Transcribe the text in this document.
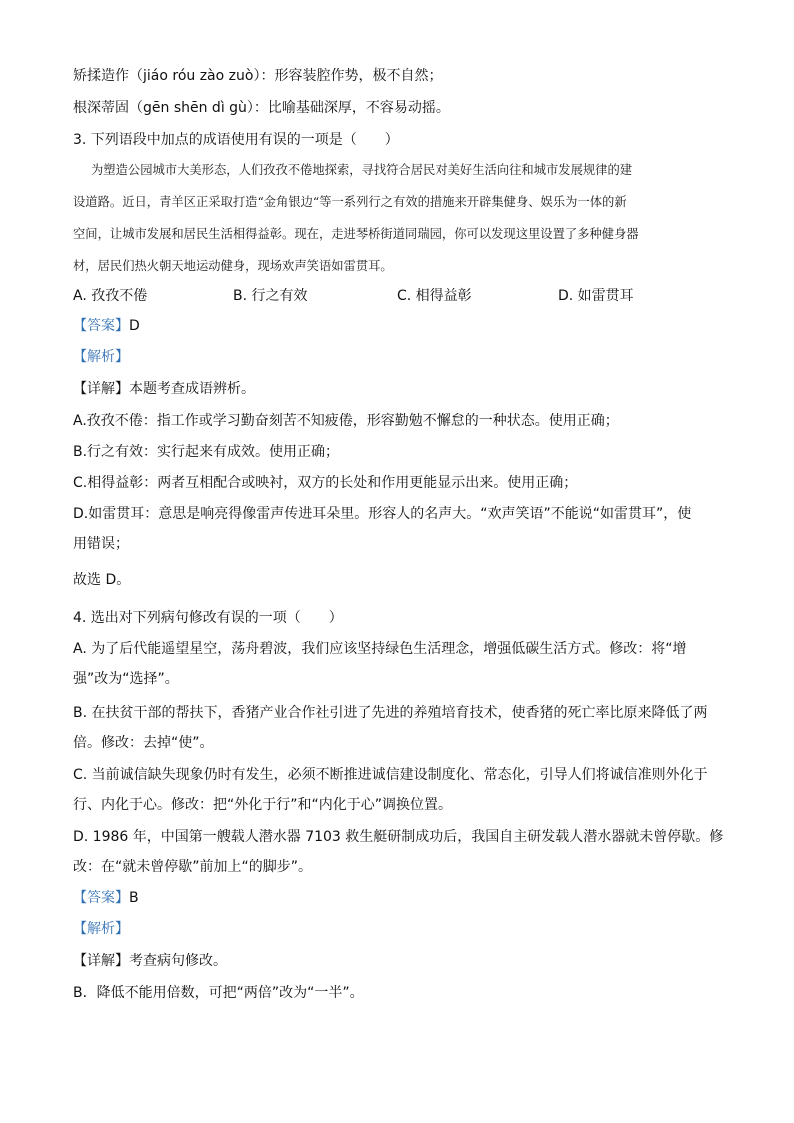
矫揉造作（jiáo róu zào zuò）：形容装腔作势，极不自然；
根深蒂固（gēn shēn dì gù）：比喻基础深厚，不容易动摇。
3. 下列语段中加点的成语使用有误的一项是（　　）
为塑造公园城市大美形态，人们孜孜不倦地探索，寻找符合居民对美好生活向往和城市发展规律的建
设道路。近日，青羊区正采取打造“金角银边“等一系列行之有效的措施来开辟集健身、娱乐为一体的新
空间，让城市发展和居民生活相得益彰。现在，走进琴桥街道同瑞园，你可以发现这里设置了多种健身器
材，居民们热火朝天地运动健身，现场欢声笑语如雷贯耳。
A. 孜孜不倦	B. 行之有效	C. 相得益彰	D. 如雷贯耳
【答案】D
【解析】
【详解】本题考查成语辨析。
A.孜孜不倦：指工作或学习勤奋刻苦不知疲倦，形容勤勉不懈怠的一种状态。使用正确；
B.行之有效：实行起来有成效。使用正确；
C.相得益彰：两者互相配合或映衬，双方的长处和作用更能显示出来。使用正确；
D.如雷贯耳：意思是响亮得像雷声传进耳朵里。形容人的名声大。“欢声笑语”不能说“如雷贯耳”，使
用错误；
故选 D。
4. 选出对下列病句修改有误的一项（　　）
A. 为了后代能遥望星空，荡舟碧波，我们应该坚持绿色生活理念，增强低碳生活方式。修改：将“增
强”改为“选择”。
B. 在扶贫干部的帮扶下，香猪产业合作社引进了先进的养殖培育技术，使香猪的死亡率比原来降低了两
倍。修改：去掉“使”。
C. 当前诚信缺失现象仍时有发生，必须不断推进诚信建设制度化、常态化，引导人们将诚信准则外化于
行、内化于心。修改：把“外化于行”和“内化于心”调换位置。
D. 1986 年，中国第一艘载人潜水器 7103 救生艇研制成功后，我国自主研发载人潜水器就未曾停歇。修
改：在“就未曾停歇”前加上“的脚步”。
【答案】B
【解析】
【详解】考查病句修改。
B．降低不能用倍数，可把“两倍”改为“一半”。
